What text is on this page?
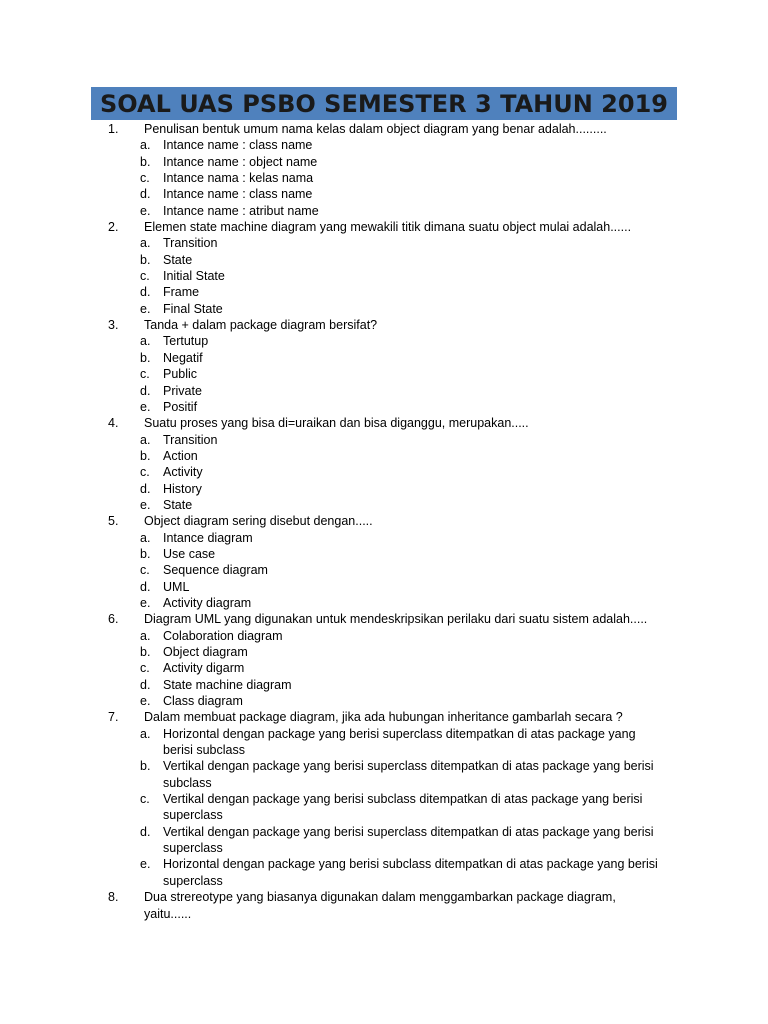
SOAL UAS PSBO SEMESTER 3 TAHUN 2019
1.	Penulisan bentuk umum nama kelas dalam object diagram yang benar adalah.........
a.	Intance name : class name
b.	Intance name : object name
c.	Intance nama : kelas nama
d.	Intance name : class name
e.	Intance name : atribut name
2.	Elemen state machine diagram yang mewakili titik dimana suatu object mulai adalah......
a.	Transition
b.	State
c.	Initial State
d.	Frame
e.	Final State
3.	Tanda + dalam package diagram bersifat?
a.	Tertutup
b.	Negatif
c.	Public
d.	Private
e.	Positif
4.	Suatu proses yang bisa di=uraikan dan bisa diganggu, merupakan.....
a.	Transition
b.	Action
c.	Activity
d.	History
e.	State
5.	Object diagram sering disebut dengan.....
a.	Intance diagram
b.	Use case
c.	Sequence diagram
d.	UML
e.	Activity diagram
6.	Diagram UML yang digunakan untuk mendeskripsikan perilaku dari suatu sistem adalah.....
a.	Colaboration diagram
b.	Object diagram
c.	Activity digarm
d.	State machine diagram
e.	Class diagram
7.	Dalam membuat package diagram, jika ada hubungan inheritance gambarlah secara ?
a.	Horizontal dengan package yang berisi superclass ditempatkan di atas package yang berisi subclass
b.	Vertikal dengan package yang berisi superclass ditempatkan di atas package yang berisi subclass
c.	Vertikal dengan package yang berisi subclass ditempatkan di atas package yang berisi superclass
d.	Vertikal dengan package yang berisi superclass ditempatkan di atas package yang berisi superclass
e.	Horizontal dengan package yang berisi subclass ditempatkan di atas package yang berisi superclass
8.	Dua strereotype yang biasanya digunakan dalam menggambarkan package diagram, yaitu......
